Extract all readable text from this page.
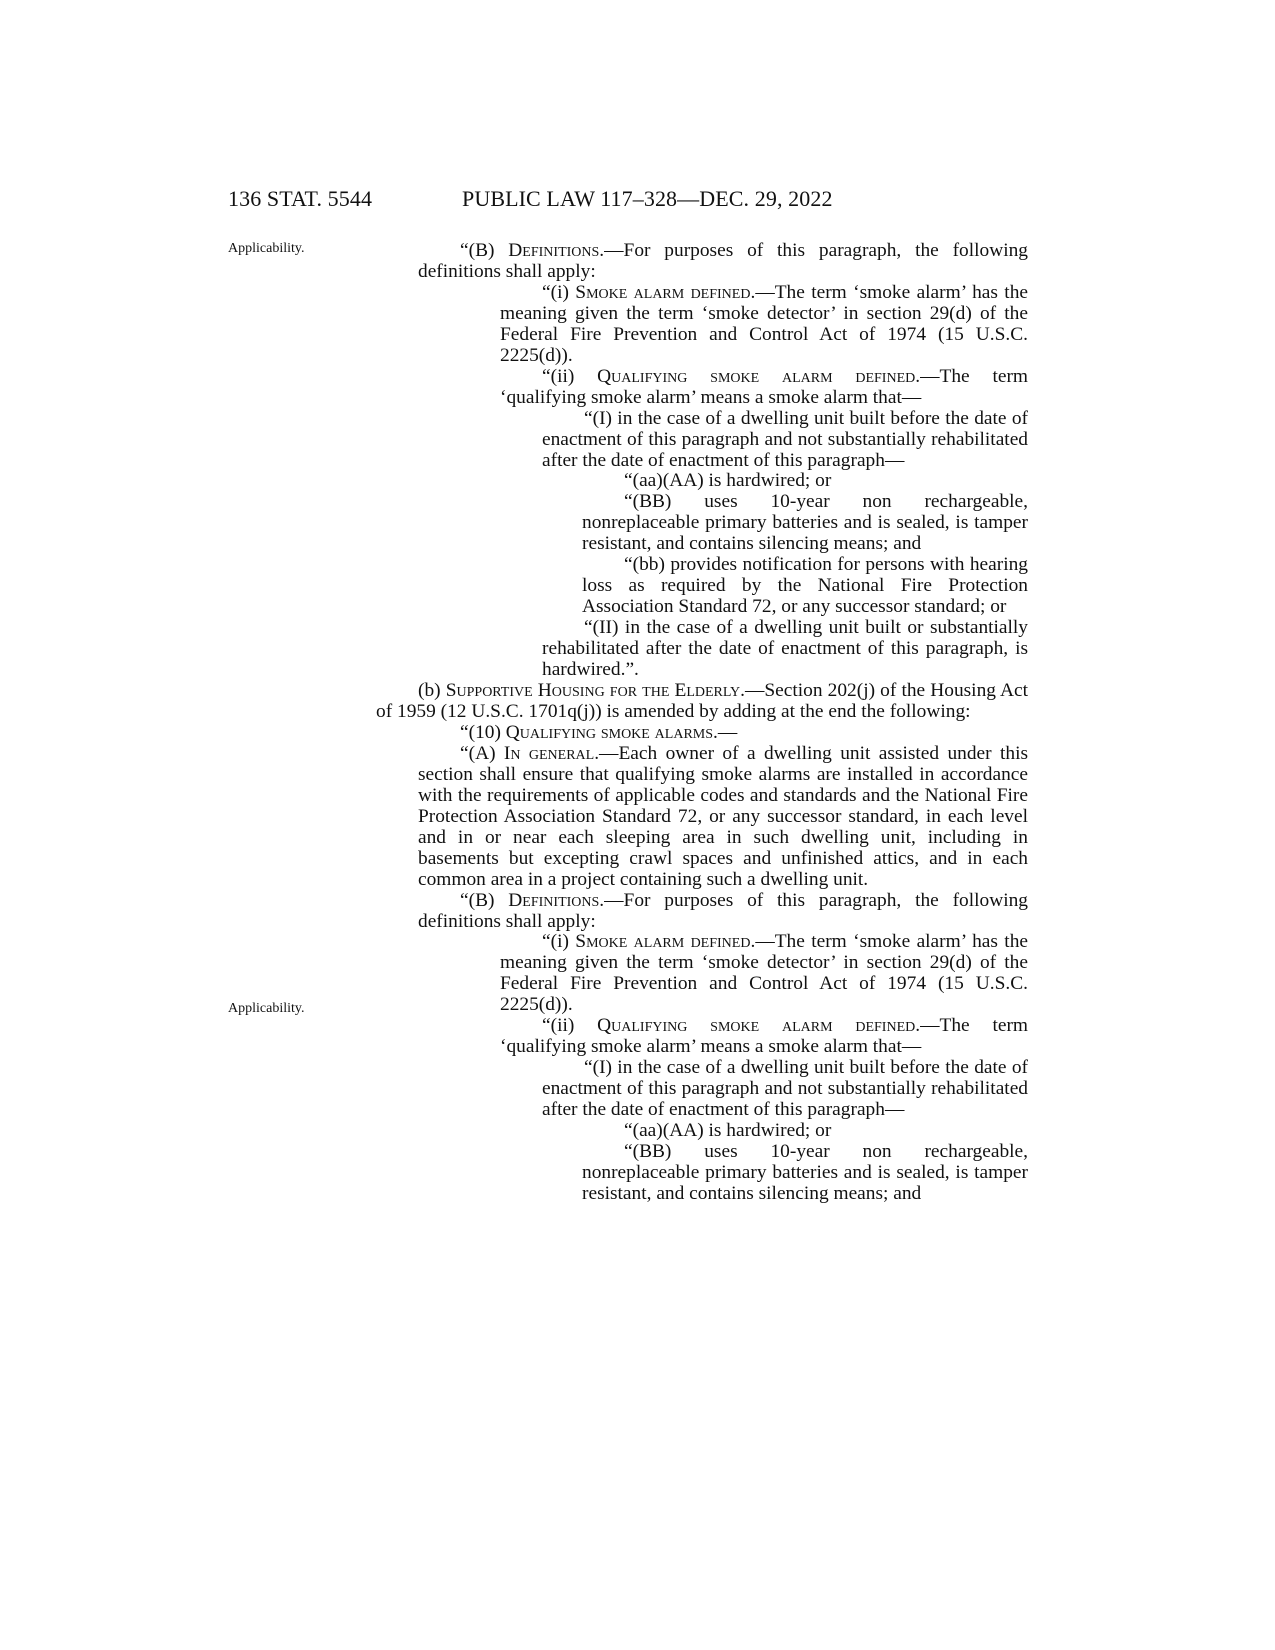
136 STAT. 5544	PUBLIC LAW 117–328—DEC. 29, 2022
Applicability.
Applicability.
“(B) Definitions.—For purposes of this paragraph, the following definitions shall apply:
“(i) Smoke alarm defined.—The term ‘smoke alarm’ has the meaning given the term ‘smoke detector’ in section 29(d) of the Federal Fire Prevention and Control Act of 1974 (15 U.S.C. 2225(d)).
“(ii) Qualifying smoke alarm defined.—The term ‘qualifying smoke alarm’ means a smoke alarm that—
“(I) in the case of a dwelling unit built before the date of enactment of this paragraph and not substantially rehabilitated after the date of enactment of this paragraph—
“(aa)(AA) is hardwired; or
“(BB) uses 10-year non rechargeable, nonreplaceable primary batteries and is sealed, is tamper resistant, and contains silencing means; and
“(bb) provides notification for persons with hearing loss as required by the National Fire Protection Association Standard 72, or any successor standard; or
“(II) in the case of a dwelling unit built or substantially rehabilitated after the date of enactment of this paragraph, is hardwired.”.
(b) Supportive Housing for the Elderly.—Section 202(j) of the Housing Act of 1959 (12 U.S.C. 1701q(j)) is amended by adding at the end the following:
“(10) Qualifying smoke alarms.—
“(A) In general.—Each owner of a dwelling unit assisted under this section shall ensure that qualifying smoke alarms are installed in accordance with the requirements of applicable codes and standards and the National Fire Protection Association Standard 72, or any successor standard, in each level and in or near each sleeping area in such dwelling unit, including in basements but excepting crawl spaces and unfinished attics, and in each common area in a project containing such a dwelling unit.
“(B) Definitions.—For purposes of this paragraph, the following definitions shall apply:
“(i) Smoke alarm defined.—The term ‘smoke alarm’ has the meaning given the term ‘smoke detector’ in section 29(d) of the Federal Fire Prevention and Control Act of 1974 (15 U.S.C. 2225(d)).
“(ii) Qualifying smoke alarm defined.—The term ‘qualifying smoke alarm’ means a smoke alarm that—
“(I) in the case of a dwelling unit built before the date of enactment of this paragraph and not substantially rehabilitated after the date of enactment of this paragraph—
“(aa)(AA) is hardwired; or
“(BB) uses 10-year non rechargeable, nonreplaceable primary batteries and is sealed, is tamper resistant, and contains silencing means; and
